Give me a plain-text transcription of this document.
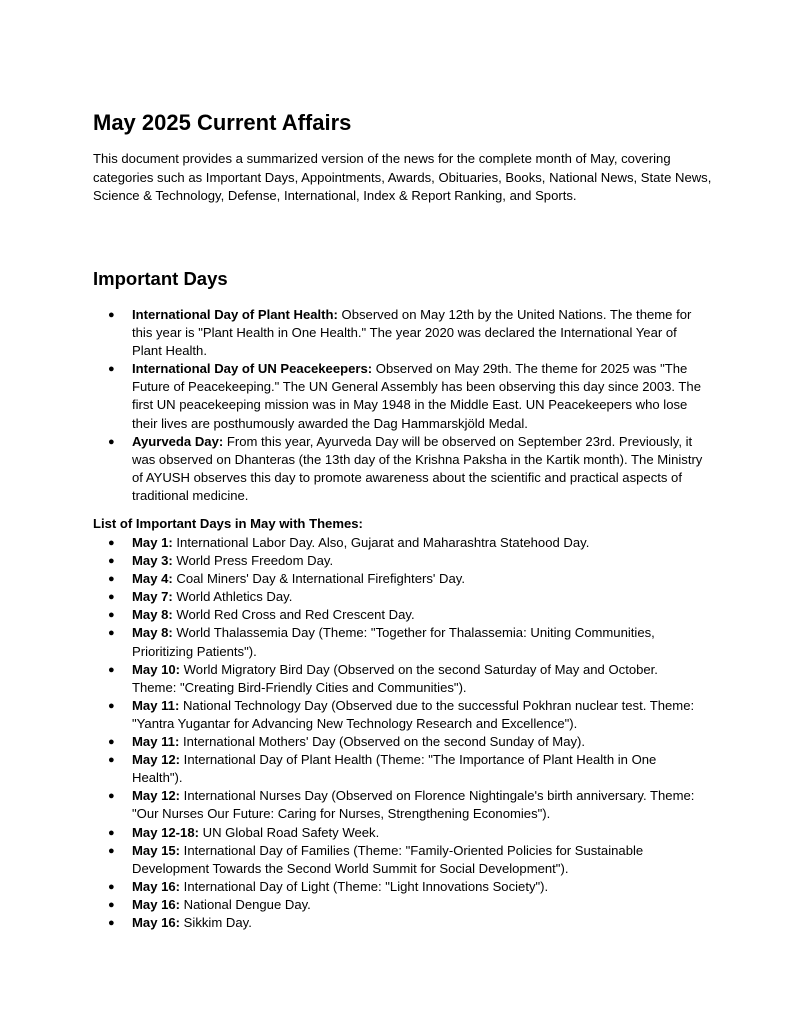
May 2025 Current Affairs

This document provides a summarized version of the news for the complete month of May, covering categories such as Important Days, Appointments, Awards, Obituaries, Books, National News, State News, Science & Technology, Defense, International, Index & Report Ranking, and Sports.

Important Days
● International Day of Plant Health: Observed on May 12th by the United Nations. The theme for this year is "Plant Health in One Health." The year 2020 was declared the International Year of Plant Health.
● International Day of UN Peacekeepers: Observed on May 29th. The theme for 2025 was "The Future of Peacekeeping." The UN General Assembly has been observing this day since 2003. The first UN peacekeeping mission was in May 1948 in the Middle East. UN Peacekeepers who lose their lives are posthumously awarded the Dag Hammarskjöld Medal.
● Ayurveda Day: From this year, Ayurveda Day will be observed on September 23rd. Previously, it was observed on Dhanteras (the 13th day of the Krishna Paksha in the Kartik month). The Ministry of AYUSH observes this day to promote awareness about the scientific and practical aspects of traditional medicine.

List of Important Days in May with Themes:

● May 1: International Labor Day. Also, Gujarat and Maharashtra Statehood Day.
● May 3: World Press Freedom Day.
● May 4: Coal Miners' Day & International Firefighters' Day.
● May 7: World Athletics Day.
● May 8: World Red Cross and Red Crescent Day.
● May 8: World Thalassemia Day (Theme: "Together for Thalassemia: Uniting Communities, Prioritizing Patients").
● May 10: World Migratory Bird Day (Observed on the second Saturday of May and October. Theme: "Creating Bird-Friendly Cities and Communities").
● May 11: National Technology Day (Observed due to the successful Pokhran nuclear test. Theme: "Yantra Yugantar for Advancing New Technology Research and Excellence").
● May 11: International Mothers' Day (Observed on the second Sunday of May).
● May 12: International Day of Plant Health (Theme: "The Importance of Plant Health in One Health").
● May 12: International Nurses Day (Observed on Florence Nightingale's birth anniversary. Theme: "Our Nurses Our Future: Caring for Nurses, Strengthening Economies").
● May 12-18: UN Global Road Safety Week.
● May 15: International Day of Families (Theme: "Family-Oriented Policies for Sustainable Development Towards the Second World Summit for Social Development").
● May 16: International Day of Light (Theme: "Light Innovations Society").
● May 16: National Dengue Day.
● May 16: Sikkim Day.
